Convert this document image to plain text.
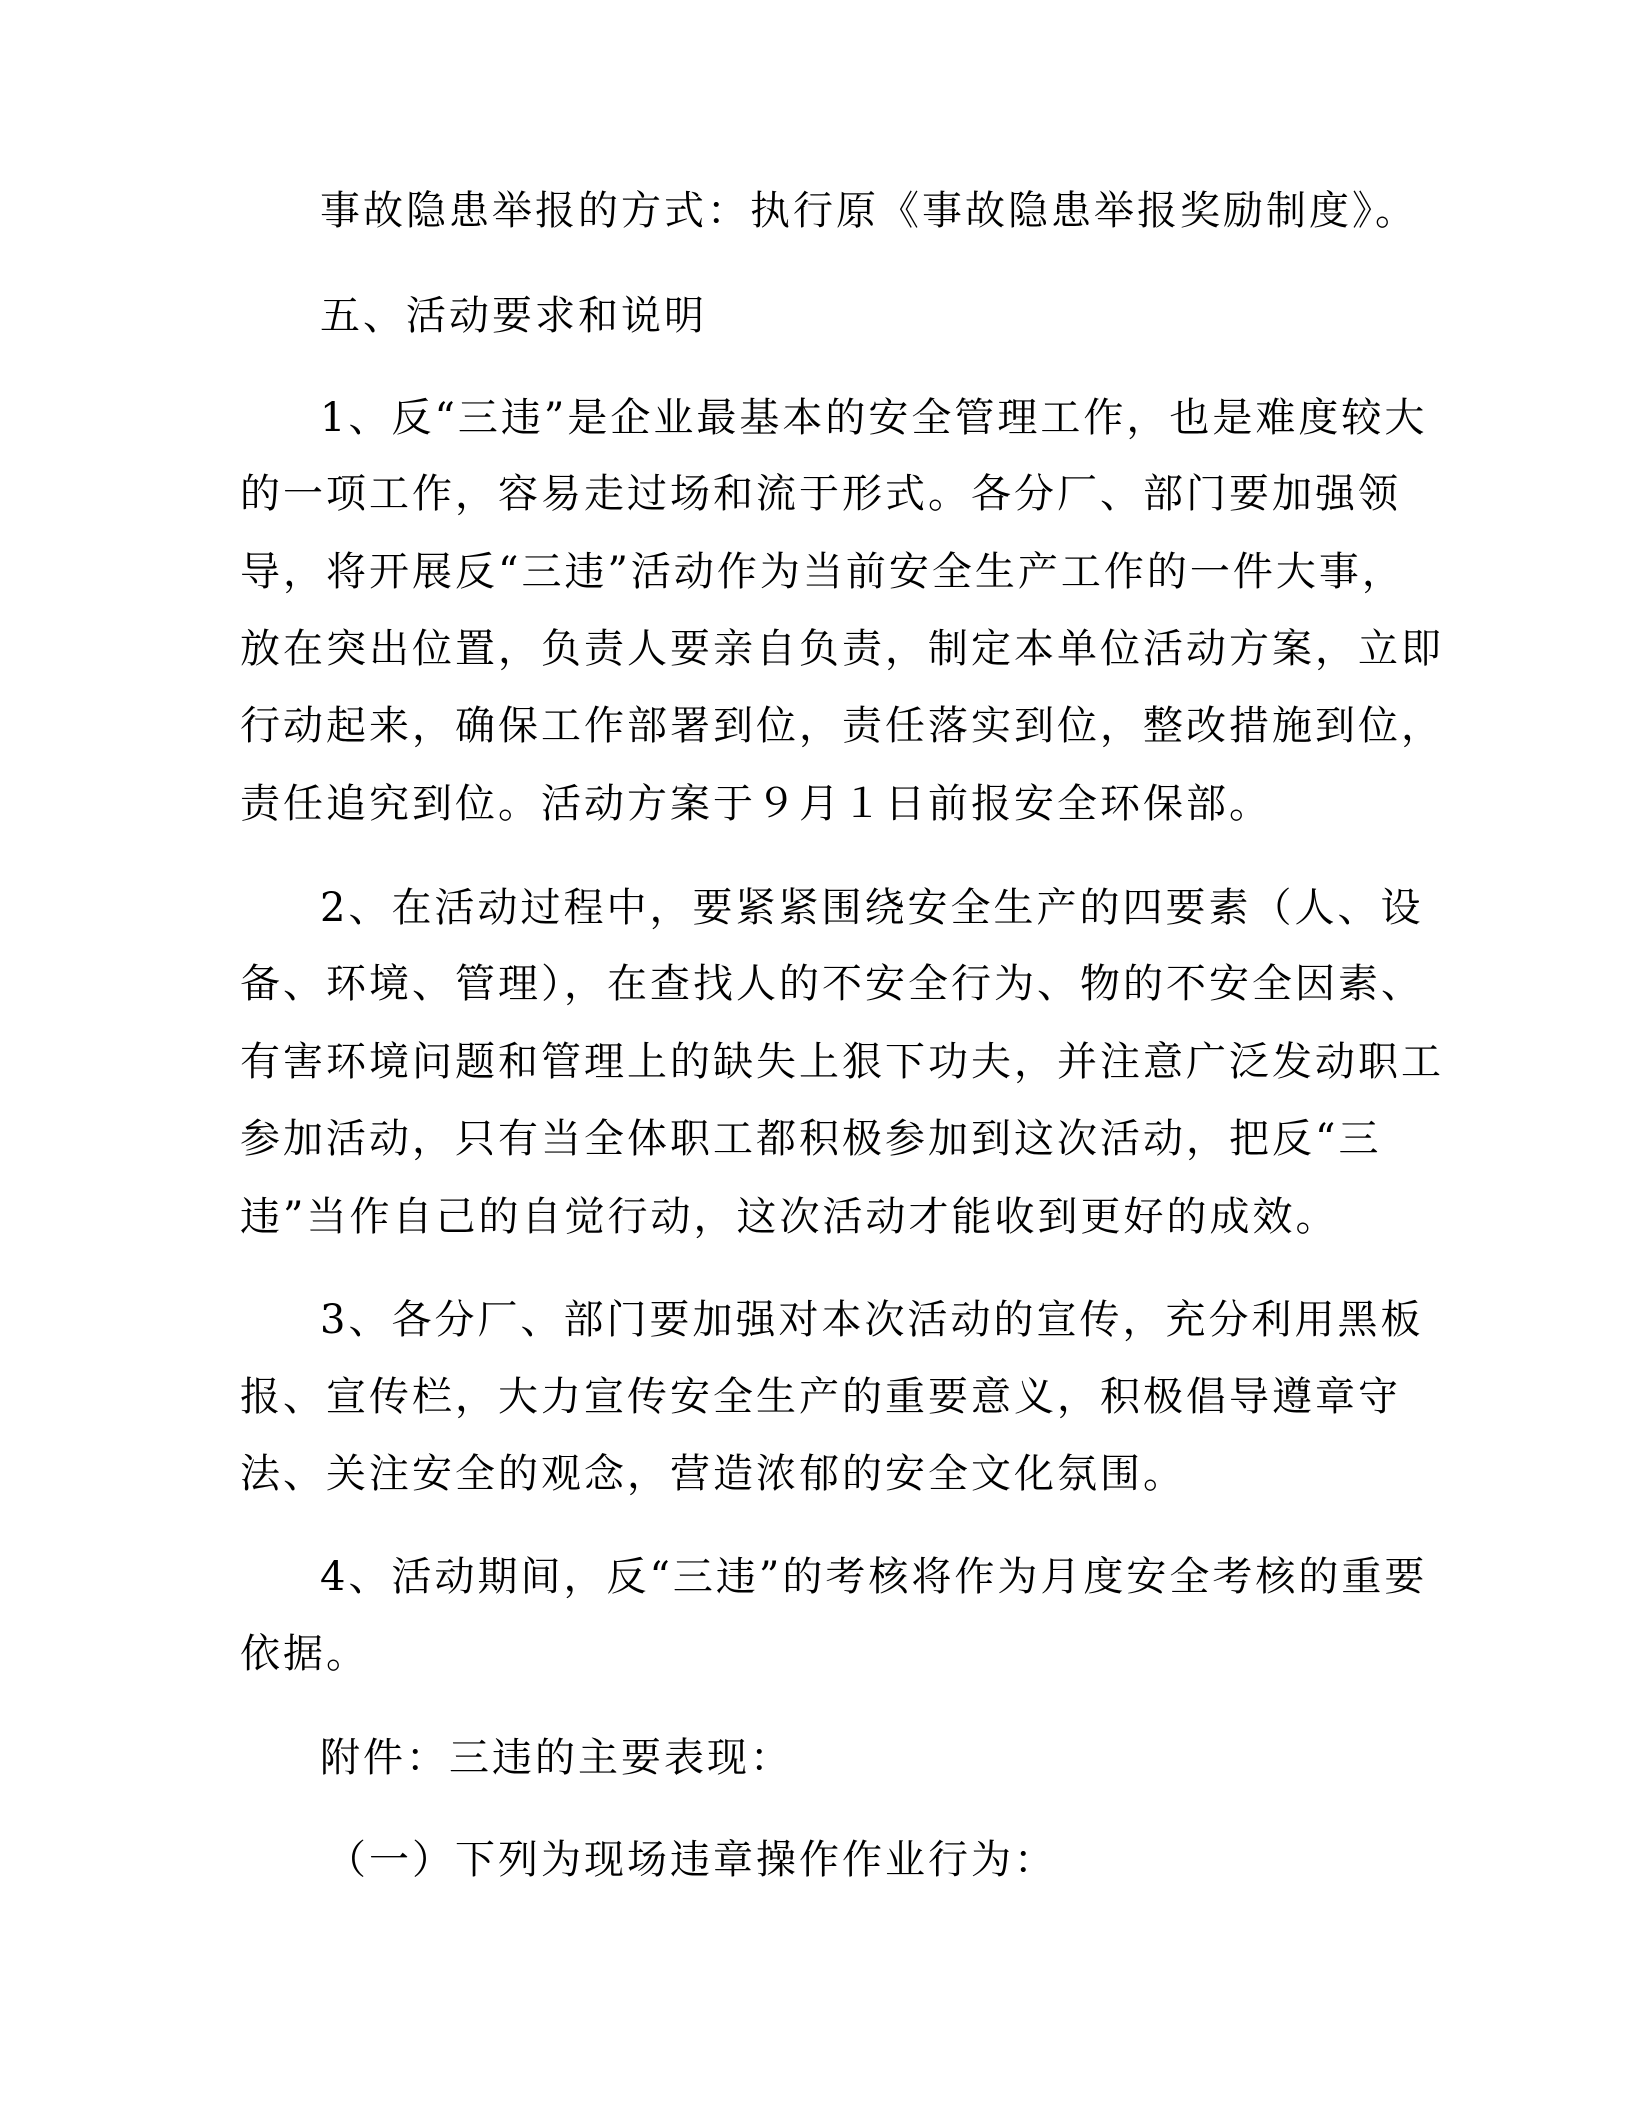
事故隐患举报的方式：执行原《事故隐患举报奖励制度》。

五、活动要求和说明

1、反“三违”是企业最基本的安全管理工作，也是难度较大

的一项工作，容易走过场和流于形式。各分厂、部门要加强领

导，将开展反“三违”活动作为当前安全生产工作的一件大事，

放在突出位置，负责人要亲自负责，制定本单位活动方案，立即

行动起来，确保工作部署到位，责任落实到位，整改措施到位，

责任追究到位。活动方案于９月１日前报安全环保部。

2、在活动过程中，要紧紧围绕安全生产的四要素（人、设

备、环境、管理），在查找人的不安全行为、物的不安全因素、

有害环境问题和管理上的缺失上狠下功夫，并注意广泛发动职工

参加活动，只有当全体职工都积极参加到这次活动，把反“三

违”当作自己的自觉行动，这次活动才能收到更好的成效。

3、各分厂、部门要加强对本次活动的宣传，充分利用黑板

报、宣传栏，大力宣传安全生产的重要意义，积极倡导遵章守

法、关注安全的观念，营造浓郁的安全文化氛围。

4、活动期间，反“三违”的考核将作为月度安全考核的重要

依据。

附件：三违的主要表现：

（一）下列为现场违章操作作业行为：
